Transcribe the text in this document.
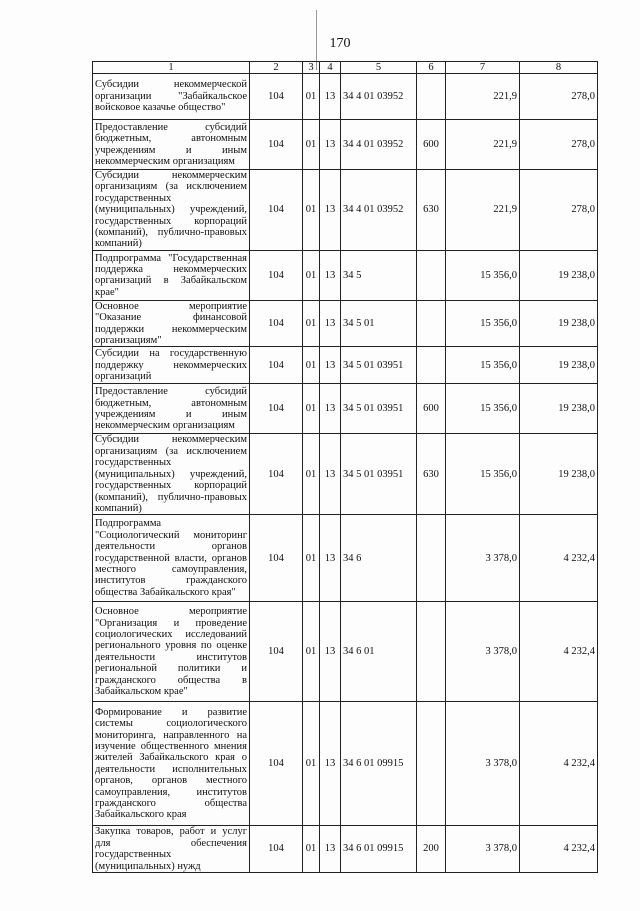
170
1	2	3	4	5	6	7	8
Субсидии некоммерческой организации "Забайкальское войсковое казачье общество"	104	01	13	34 4 01 03952		221,9	278,0
Предоставление субсидий бюджетным, автономным учреждениям и иным некоммерческим организациям	104	01	13	34 4 01 03952	600	221,9	278,0
Субсидии некоммерческим организациям (за исключением государственных (муниципальных) учреждений, государственных корпораций (компаний), публично-правовых компаний)	104	01	13	34 4 01 03952	630	221,9	278,0
Подпрограмма "Государственная поддержка некоммерческих организаций в Забайкальском крае"	104	01	13	34 5		15 356,0	19 238,0
Основное мероприятие "Оказание финансовой поддержки некоммерческим организациям"	104	01	13	34 5 01		15 356,0	19 238,0
Субсидии на государственную поддержку некоммерческих организаций	104	01	13	34 5 01 03951		15 356,0	19 238,0
Предоставление субсидий бюджетным, автономным учреждениям и иным некоммерческим организациям	104	01	13	34 5 01 03951	600	15 356,0	19 238,0
Субсидии некоммерческим организациям (за исключением государственных (муниципальных) учреждений, государственных корпораций (компаний), публично-правовых компаний)	104	01	13	34 5 01 03951	630	15 356,0	19 238,0
Подпрограмма "Социологический мониторинг деятельности органов государственной власти, органов местного самоуправления, институтов гражданского общества Забайкальского края"	104	01	13	34 6		3 378,0	4 232,4
Основное мероприятие "Организация и проведение социологических исследований регионального уровня по оценке деятельности институтов региональной политики и гражданского общества в Забайкальском крае"	104	01	13	34 6 01		3 378,0	4 232,4
Формирование и развитие системы социологического мониторинга, направленного на изучение общественного мнения жителей Забайкальского края о деятельности исполнительных органов, органов местного самоуправления, институтов гражданского общества Забайкальского края	104	01	13	34 6 01 09915		3 378,0	4 232,4
Закупка товаров, работ и услуг для обеспечения государственных (муниципальных) нужд	104	01	13	34 6 01 09915	200	3 378,0	4 232,4
